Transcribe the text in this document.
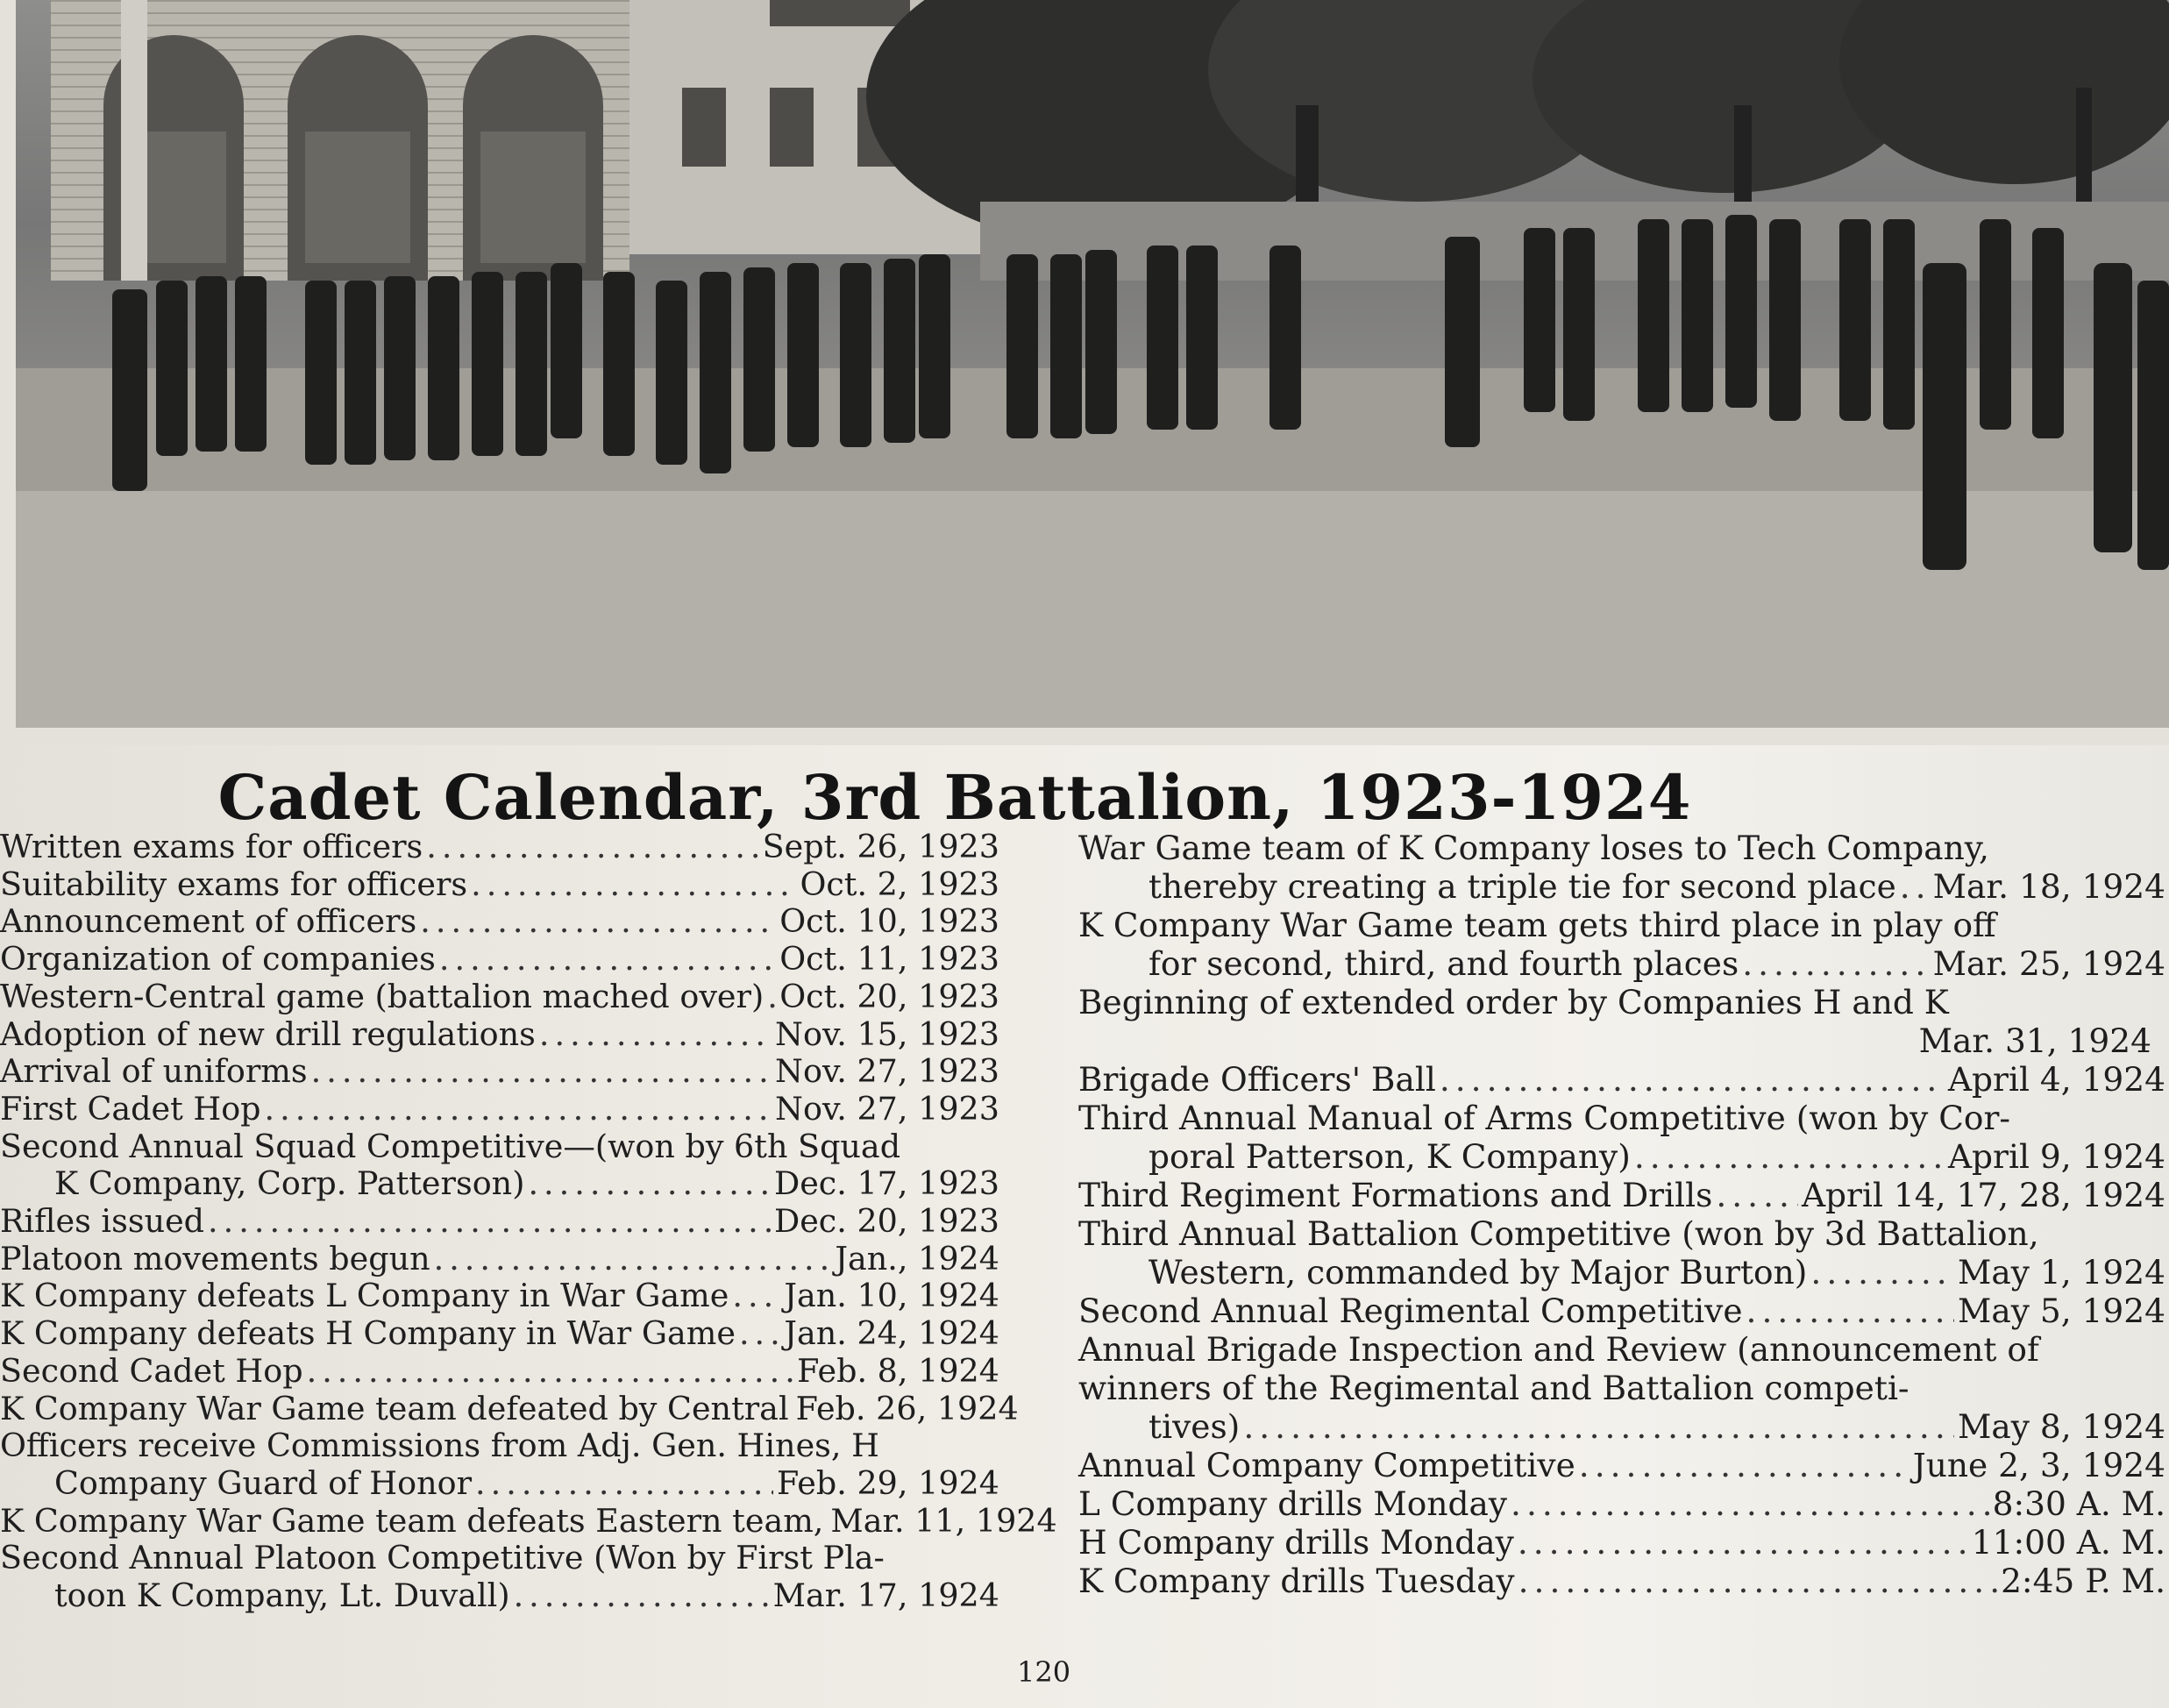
Cadet Calendar, 3rd Battalion, 1923-1924
Written exams for officers .....	Sept. 26, 1923
Suitability exams for officers .....	Oct. 2, 1923
Announcement of officers .....	Oct. 10, 1923
Organization of companies .....	Oct. 11, 1923
Western-Central game (battalion mached over) ..... Oct. 20, 1923
Adoption of new drill regulations .....	Nov. 15, 1923
Arrival of uniforms .....	Nov. 27, 1923
First Cadet Hop .....	Nov. 27, 1923
Second Annual Squad Competitive—(won by 6th Squad
K Company, Corp. Patterson) .....	Dec. 17, 1923
Rifles issued .....	Dec. 20, 1923
Platoon movements begun .....	Jan., 1924
K Company defeats L Company in War Game ..... Jan. 10, 1924
K Company defeats H Company in War Game ..... Jan. 24, 1924
Second Cadet Hop .....	Feb. 8, 1924
K Company War Game team defeated by Central Feb. 26, 1924
Officers receive Commissions from Adj. Gen. Hines, H
Company Guard of Honor .....	Feb. 29, 1924
K Company War Game team defeats Eastern team, Mar. 11, 1924
Second Annual Platoon Competitive (Won by First Pla-
toon K Company, Lt. Duvall) .....	Mar. 17, 1924
War Game team of K Company loses to Tech Company,
thereby creating a triple tie for second place ..... Mar. 18, 1924
K Company War Game team gets third place in play off
for second, third, and fourth places .....	Mar. 25, 1924
Beginning of extended order by Companies H and K
Mar. 31, 1924
Brigade Officers' Ball .....	April 4, 1924
Third Annual Manual of Arms Competitive (won by Cor-
poral Patterson, K Company) .....	April 9, 1924
Third Regiment Formations and Drills .....	April 14, 17, 28, 1924
Third Annual Battalion Competitive (won by 3d Battalion,
Western, commanded by Major Burton) .....	May 1, 1924
Second Annual Regimental Competitive .....	May 5, 1924
Annual Brigade Inspection and Review (announcement of
winners of the Regimental and Battalion competi-
tives) .....	May 8, 1924
Annual Company Competitive .....	June 2, 3, 1924
L Company drills Monday .....	8:30 A. M.
H Company drills Monday .....	11:00 A. M.
K Company drills Tuesday .....	2:45 P. M.
120
